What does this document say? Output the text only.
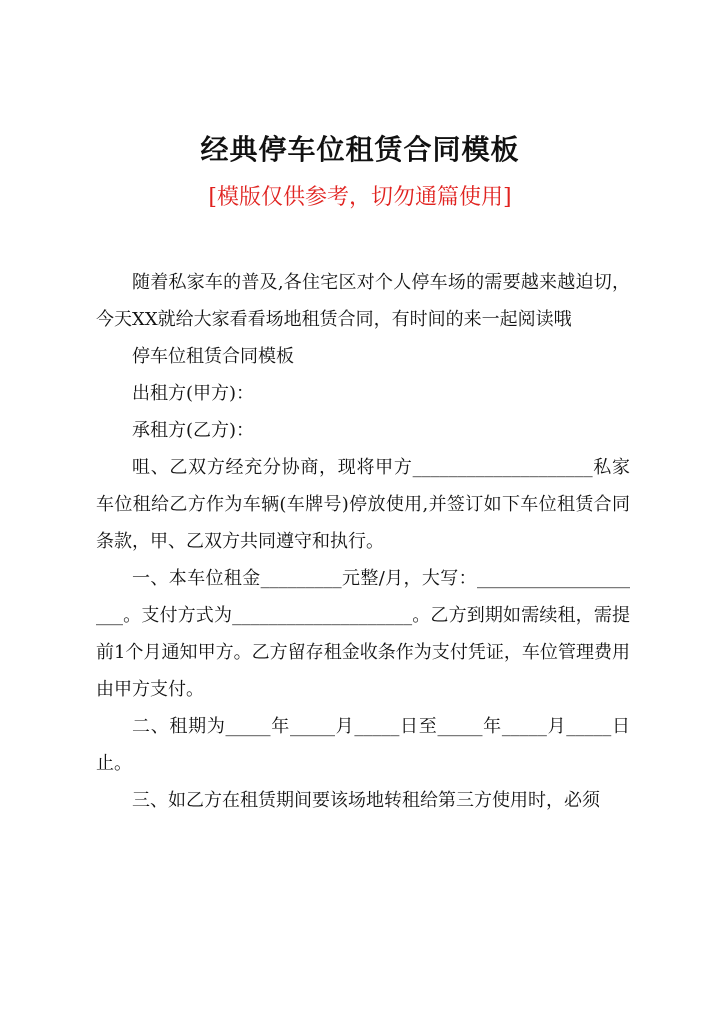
经典停车位租赁合同模板

[模版仅供参考，切勿通篇使用]

随着私家车的普及,各住宅区对个人停车场的需要越来越迫切，今天XX就给大家看看场地租赁合同，有时间的来一起阅读哦

停车位租赁合同模板

出租方(甲方)：

承租方(乙方)：

咀、乙双方经充分协商，现将甲方____________________私家车位租给乙方作为车辆(车牌号)停放使用,并签订如下车位租赁合同条款，甲、乙双方共同遵守和执行。

一、本车位租金_________元整/月，大写：____________________。支付方式为____________________。乙方到期如需续租，需提前1个月通知甲方。乙方留存租金收条作为支付凭证，车位管理费用由甲方支付。

二、租期为_____年_____月_____日至_____年_____月_____日止。

三、如乙方在租赁期间要该场地转租给第三方使用时，必须
